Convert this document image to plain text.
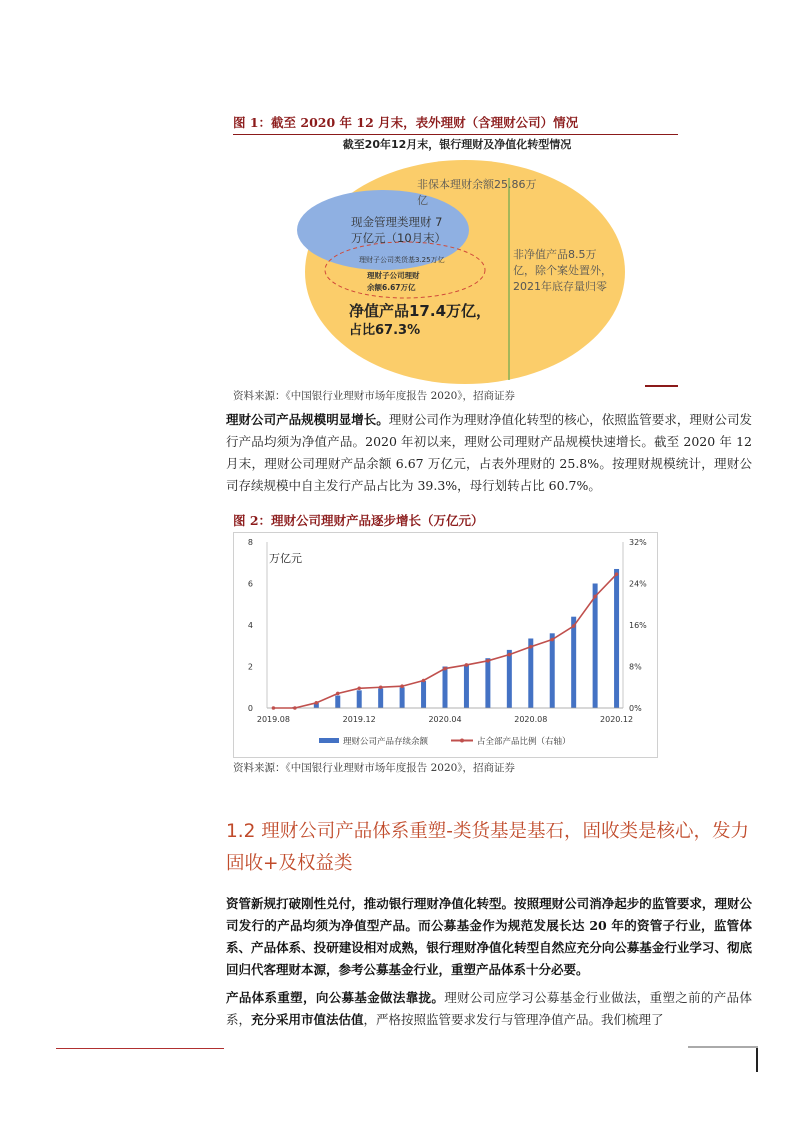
图 1：截至 2020 年 12 月末，表外理财（含理财公司）情况
截至20年12月末，银行理财及净值化转型情况
非保本理财余额25.86万
亿
现金管理类理财 7
万亿元（10月末）
理财子公司类货基3.25万亿
理财子公司理财
余额6.67万亿
非净值产品8.5万
亿，除个案处置外，
2021年底存量归零
净值产品17.4万亿，
占比67.3%
资料来源：《中国银行业理财市场年度报告 2020》，招商证券
理财公司产品规模明显增长。理财公司作为理财净值化转型的核心，依照监管要求，理财公司发行产品均须为净值产品。2020 年初以来，理财公司理财产品规模快速增长。截至 2020 年 12 月末，理财公司理财产品余额 6.67 万亿元，占表外理财的 25.8%。按理财规模统计，理财公司存续规模中自主发行产品占比为 39.3%，母行划转占比 60.7%。
图 2：理财公司理财产品逐步增长（万亿元）
万亿元
0
2
4
6
8
0%
8%
16%
24%
32%
2019.08	2019.12	2020.04	2020.08	2020.12
理财公司产品存续余额	占全部产品比例（右轴）
资料来源：《中国银行业理财市场年度报告 2020》，招商证券
1.2 理财公司产品体系重塑-类货基是基石，固收类是核心，发力固收+及权益类
资管新规打破刚性兑付，推动银行理财净值化转型。按照理财公司消净起步的监管要求，理财公司发行的产品均须为净值型产品。而公募基金作为规范发展长达 20 年的资管子行业，监管体系、产品体系、投研建设相对成熟，银行理财净值化转型自然应充分向公募基金行业学习、彻底回归代客理财本源，参考公募基金行业，重塑产品体系十分必要。
产品体系重塑，向公募基金做法靠拢。理财公司应学习公募基金行业做法，重塑之前的产品体系，充分采用市值法估值，严格按照监管要求发行与管理净值产品。我们梳理了
